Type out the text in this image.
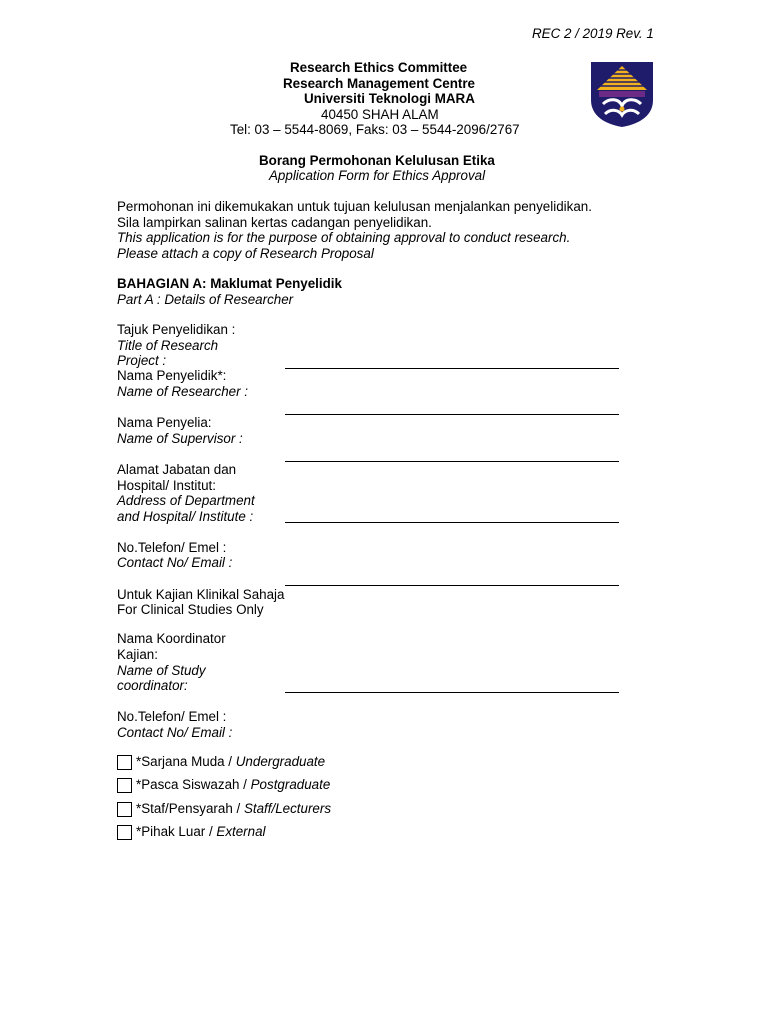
REC 2 / 2019 Rev. 1
Research Ethics Committee
Research Management Centre
Universiti Teknologi MARA
40450 SHAH ALAM
Tel: 03 – 5544-8069, Faks: 03 – 5544-2096/2767
Borang Permohonan Kelulusan Etika
Application Form for Ethics Approval
Permohonan ini dikemukakan untuk tujuan kelulusan menjalankan penyelidikan.
Sila lampirkan salinan kertas cadangan penyelidikan.
This application is for the purpose of obtaining approval to conduct research.
Please attach a copy of Research Proposal
BAHAGIAN A: Maklumat Penyelidik
Part A : Details of Researcher
Tajuk Penyelidikan :
Title of Research
Project :
Nama Penyelidik*:
Name of Researcher :
Nama Penyelia:
Name of Supervisor :
Alamat Jabatan dan
Hospital/ Institut:
Address of Department
and Hospital/ Institute :
No.Telefon/ Emel :
Contact No/ Email :
Untuk Kajian Klinikal Sahaja
For Clinical Studies Only
Nama Koordinator
Kajian:
Name of Study
coordinator:
No.Telefon/ Emel :
Contact No/ Email :
*Sarjana Muda / Undergraduate
*Pasca Siswazah / Postgraduate
*Staf/Pensyarah / Staff/Lecturers
*Pihak Luar / External
